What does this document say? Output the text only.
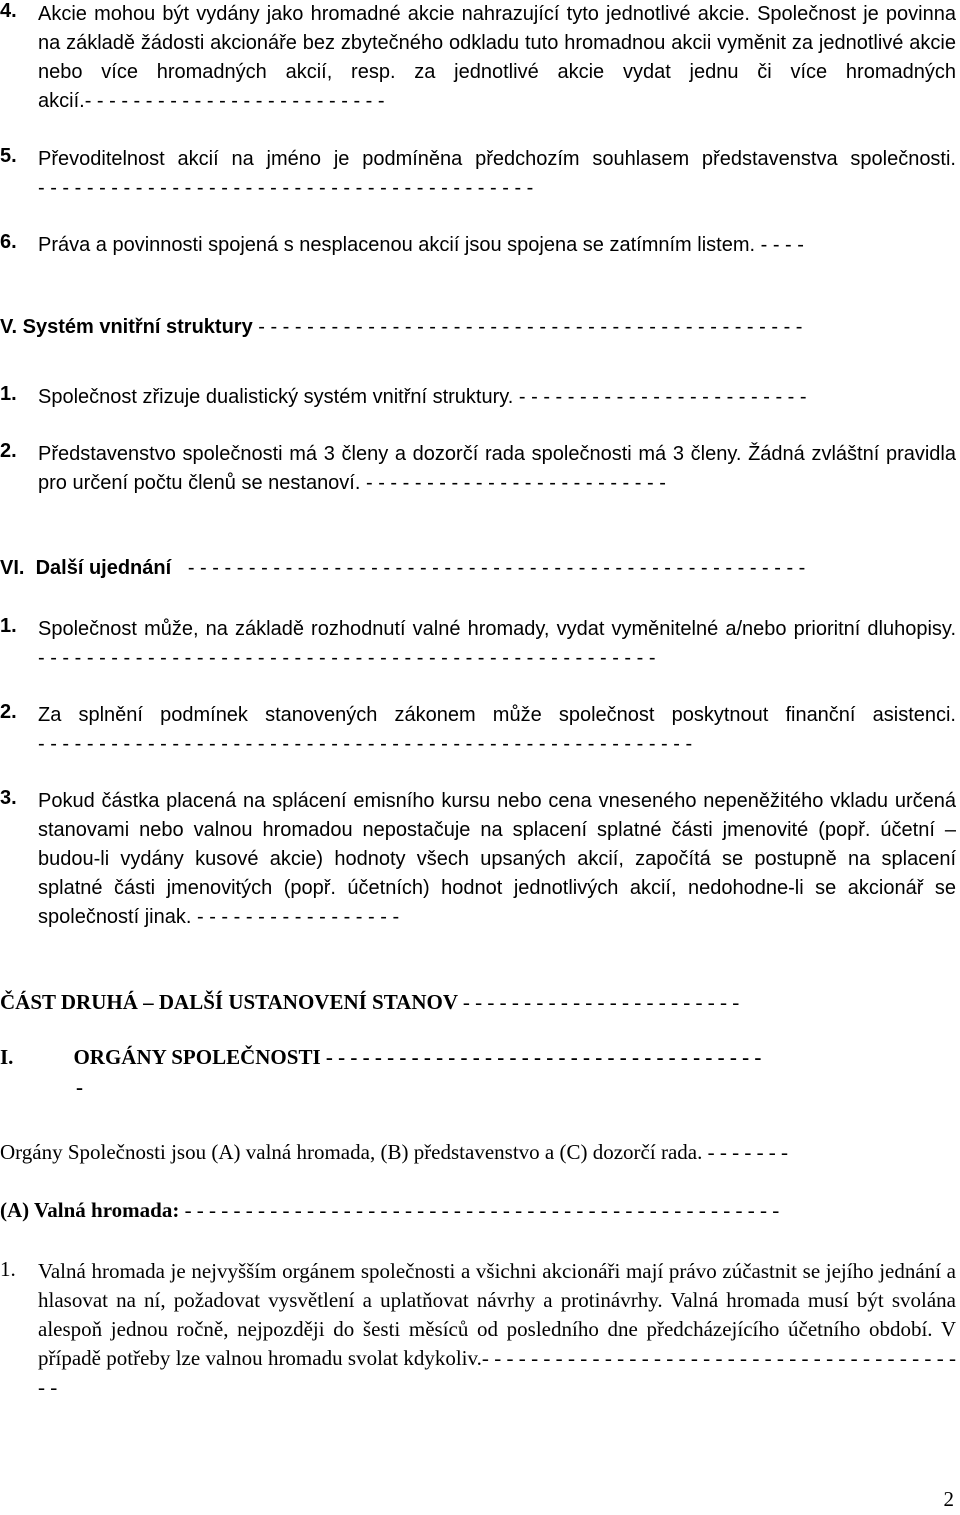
4. Akcie mohou být vydány jako hromadné akcie nahrazující tyto jednotlivé akcie. Společnost je povinna na základě žádosti akcionáře bez zbytečného odkladu tuto hromadnou akcii vyměnit za jednotlivé akcie nebo více hromadných akcií, resp. za jednotlivé akcie vydat jednu či více hromadných akcií.- - - - - - - - - - - - - - - - - - - - - - - - -
5. Převoditelnost akcií na jméno je podmíněna předchozím souhlasem představenstva společnosti. - - - - - - - - - - - - - - - - - - - - - - - - - - - - - - - - - - - - - - - - -
6. Práva a povinnosti spojená s nesplacenou akcií jsou spojena se zatímním listem. - - - -
V. Systém vnitřní struktury - - - - - - - - - - - - - - - - - - - - - - - - - - - - - - - - - - - - - - - - - - - - -
1. Společnost zřizuje dualistický systém vnitřní struktury. - - - - - - - - - - - - - - - - - - - - - - - -
2. Představenstvo společnosti má 3 členy a dozorčí rada společnosti má 3 členy. Žádná zvláštní pravidla pro určení počtu členů se nestanoví. - - - - - - - - - - - - - - - - - - - - - - - - -
VI. Další ujednání - - - - - - - - - - - - - - - - - - - - - - - - - - - - - - - - - - - - - - - - - - - - - - - - - - -
1. Společnost může, na základě rozhodnutí valné hromady, vydat vyměnitelné a/nebo prioritní dluhopisy. - - - - - - - - - - - - - - - - - - - - - - - - - - - - - - - - - - - - - - - - - - - - - - - - - - -
2. Za splnění podmínek stanovených zákonem může společnost poskytnout finanční asistenci. - - - - - - - - - - - - - - - - - - - - - - - - - - - - - - - - - - - - - - - - - - - - - - - - - - - - - -
3. Pokud částka placená na splácení emisního kursu nebo cena vneseného nepeněžitého vkladu určená stanovami nebo valnou hromadou nepostačuje na splacení splatné části jmenovité (popř. účetní – budou-li vydány kusové akcie) hodnoty všech upsaných akcií, započítá se postupně na splacení splatné části jmenovitých (popř. účetních) hodnot jednotlivých akcií, nedohodne-li se akcionář se společností jinak. - - - - - - - - - - - - - - - - -
ČÁST DRUHÁ – DALŠÍ USTANOVENÍ STANOV - - - - - - - - - - - - - - - - - - - - - - -
I.	ORGÁNY SPOLEČNOSTI - - - - - - - - - - - - - - - - - - - - - - - - - - - - - - - - - - - -
-
Orgány Společnosti jsou (A) valná hromada, (B) představenstvo a (C) dozorčí rada. - - - - - - -
(A) Valná hromada: - - - - - - - - - - - - - - - - - - - - - - - - - - - - - - - - - - - - - - - - - - - - - - - - -
1. Valná hromada je nejvyšším orgánem společnosti a všichni akcionáři mají právo zúčastnit se jejího jednání a hlasovat na ní, požadovat vysvětlení a uplatňovat návrhy a protinávrhy. Valná hromada musí být svolána alespoň jednou ročně, nejpozději do šesti měsíců od posledního dne předcházejícího účetního období. V případě potřeby lze valnou hromadu svolat kdykoliv.- - - - - - - - - - - - - - - - - - - - - - - - - - - - - - - - - - - - - - - - -
2
